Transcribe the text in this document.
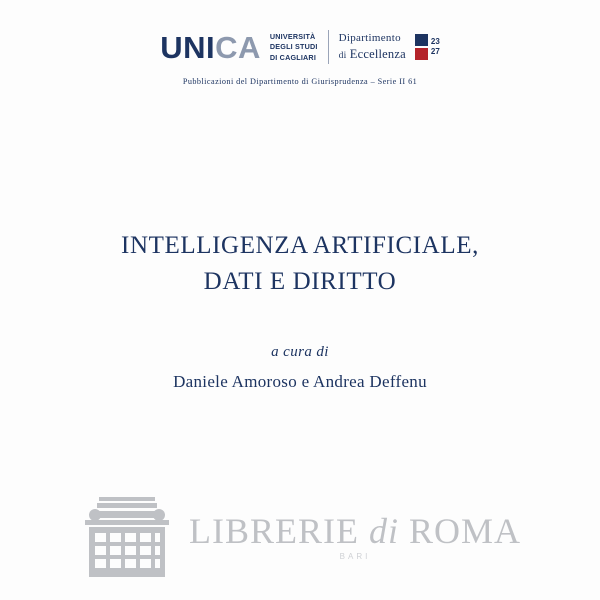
UNICA UNIVERSITÀ
DEGLI STUDI
DI CAGLIARI
Dipartimento
di Eccellenza
23
27
Pubblicazioni del Dipartimento di Giurisprudenza – Serie II 61
INTELLIGENZA ARTIFICIALE,
DATI E DIRITTO
a cura di
Daniele Amoroso e Andrea Deffenu
LIBRERIE di ROMA
BARI
